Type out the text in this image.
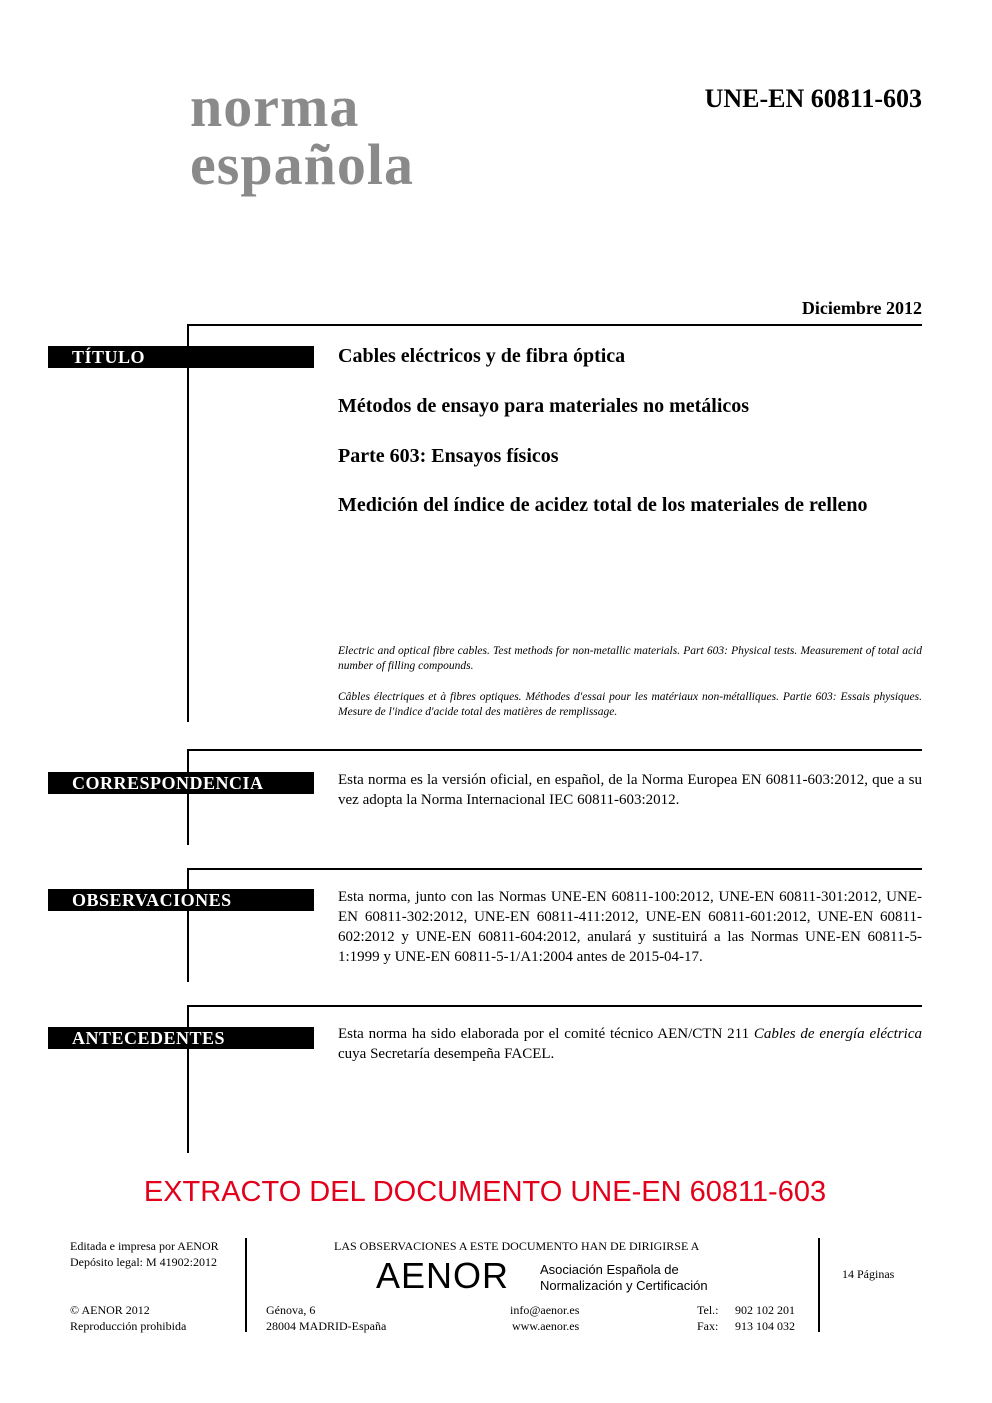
norma
española
UNE-EN 60811-603
Diciembre 2012
TÍTULO	Cables eléctricos y de fibra óptica
Métodos de ensayo para materiales no metálicos
Parte 603: Ensayos físicos
Medición del índice de acidez total de los materiales de relleno
Electric and optical fibre cables. Test methods for non-metallic materials. Part 603: Physical tests. Measurement of total acid number of filling compounds.
Câbles électriques et à fibres optiques. Méthodes d'essai pour les matériaux non-métalliques. Partie 603: Essais physiques. Mesure de l'indice d'acide total des matières de remplissage.
CORRESPONDENCIA	Esta norma es la versión oficial, en español, de la Norma Europea EN 60811-603:2012, que a su vez adopta la Norma Internacional IEC 60811-603:2012.
OBSERVACIONES	Esta norma, junto con las Normas UNE-EN 60811-100:2012, UNE-EN 60811-301:2012, UNE-EN 60811-302:2012, UNE-EN 60811-411:2012, UNE-EN 60811-601:2012, UNE-EN 60811-602:2012 y UNE-EN 60811-604:2012, anulará y sustituirá a las Normas UNE-EN 60811-5-1:1999 y UNE-EN 60811-5-1/A1:2004 antes de 2015-04-17.
ANTECEDENTES	Esta norma ha sido elaborada por el comité técnico AEN/CTN 211 Cables de energía eléctrica cuya Secretaría desempeña FACEL.
EXTRACTO DEL DOCUMENTO UNE-EN 60811-603
Editada e impresa por AENOR
Depósito legal: M 41902:2012
© AENOR 2012
Reproducción prohibida
LAS OBSERVACIONES A ESTE DOCUMENTO HAN DE DIRIGIRSE A
AENOR Asociación Española de
Normalización y Certificación
Génova, 6
28004 MADRID-España
info@aenor.es
www.aenor.es
Tel.: 902 102 201
Fax: 913 104 032
14 Páginas
